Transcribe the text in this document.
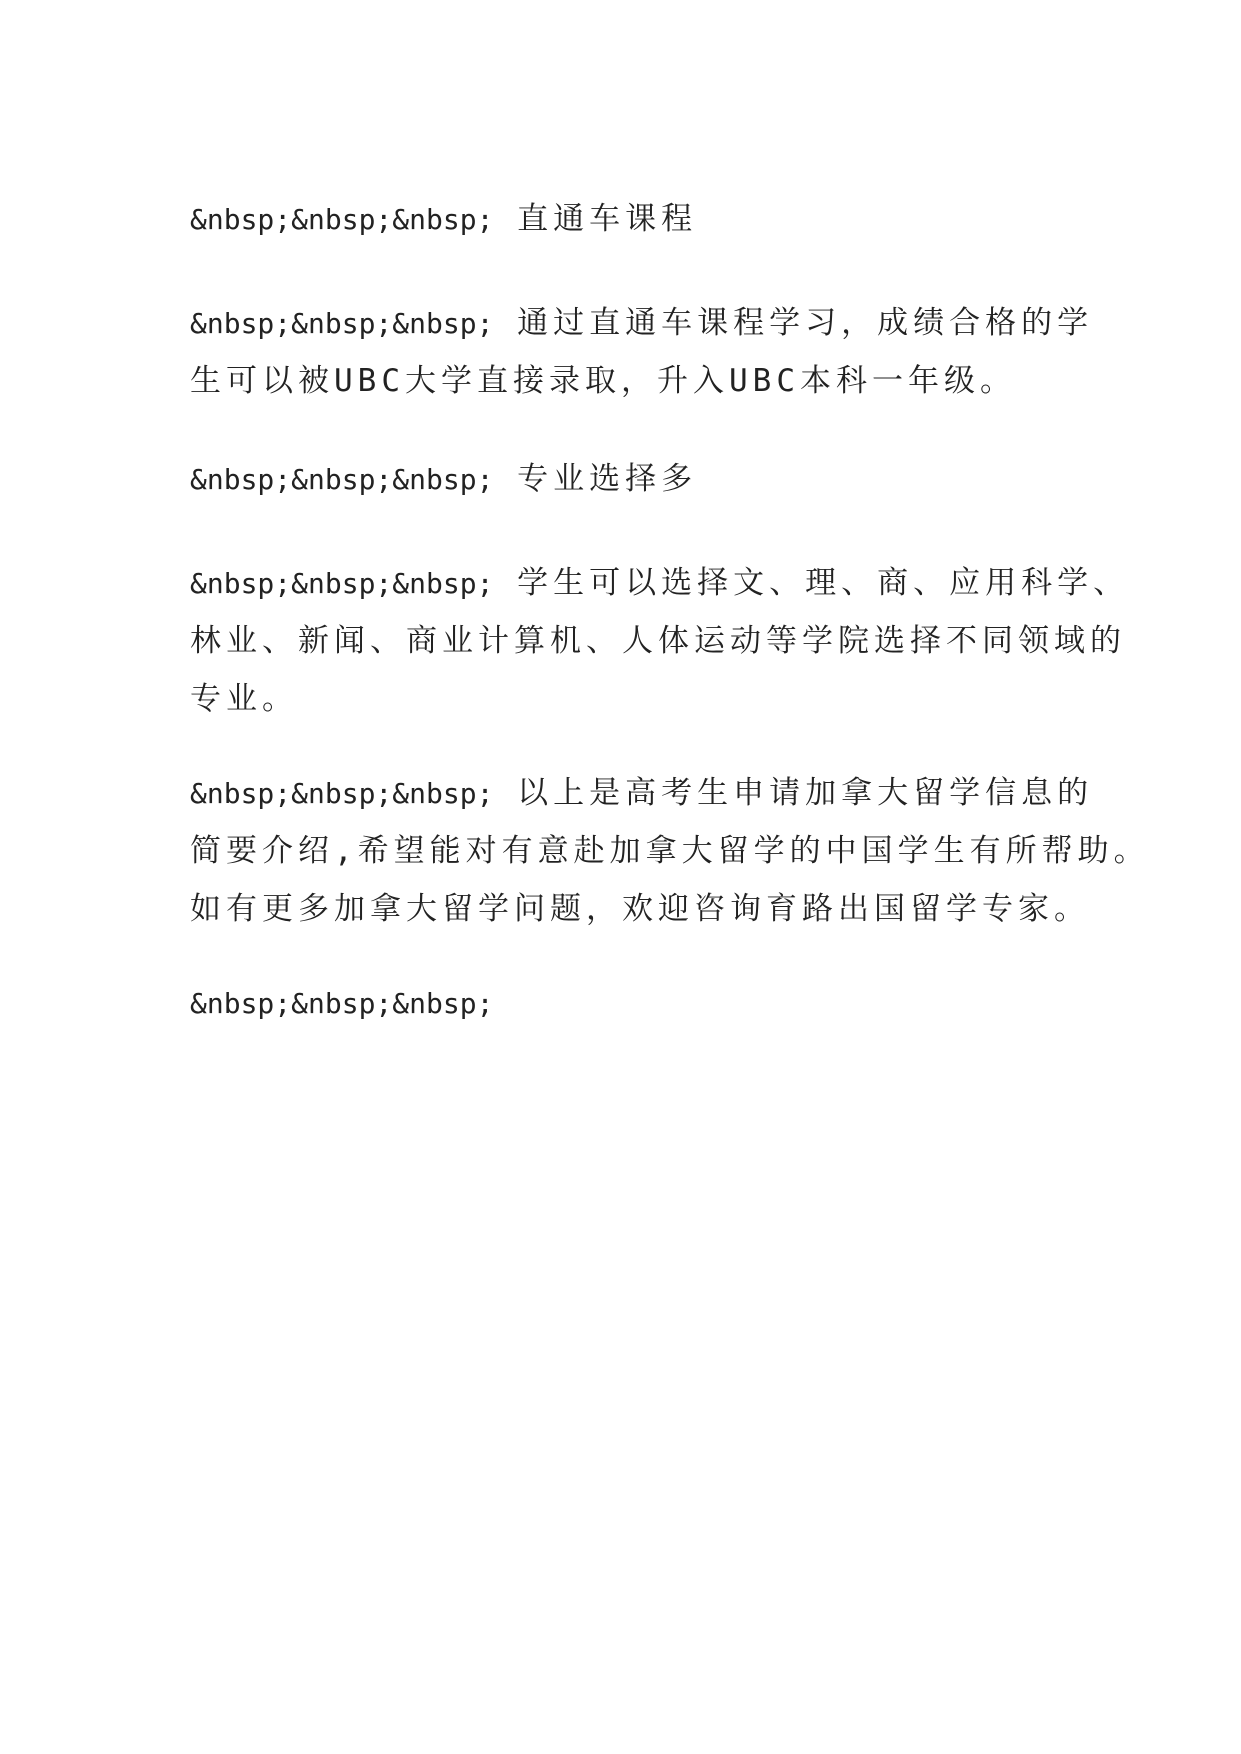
&nbsp;&nbsp;&nbsp; 直通车课程
&nbsp;&nbsp;&nbsp; 通过直通车课程学习，成绩合格的学
生可以被UBC大学直接录取，升入UBC本科一年级。
&nbsp;&nbsp;&nbsp; 专业选择多
&nbsp;&nbsp;&nbsp; 学生可以选择文、理、商、应用科学、
林业、新闻、商业计算机、人体运动等学院选择不同领域的
专业。
&nbsp;&nbsp;&nbsp; 以上是高考生申请加拿大留学信息的
简要介绍,希望能对有意赴加拿大留学的中国学生有所帮助。
如有更多加拿大留学问题，欢迎咨询育路出国留学专家。
&nbsp;&nbsp;&nbsp;
